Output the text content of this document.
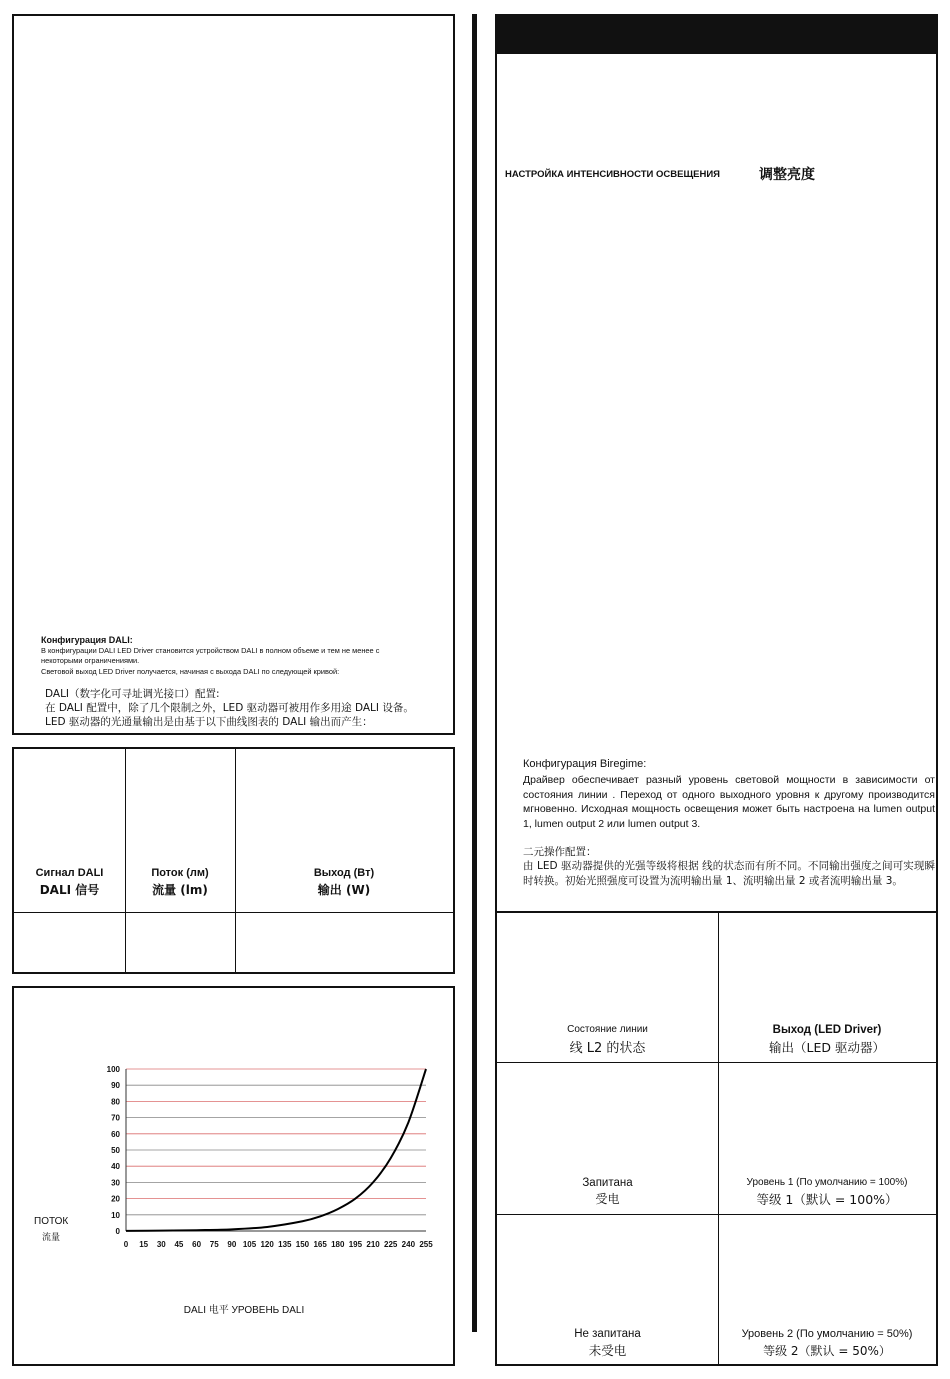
Конфигурация DALI:
В конфигурации DALI LED Driver становится устройством DALI в полном объеме и тем не менее с
некоторыми ограничениями.
Световой выход LED Driver получается, начиная с выхода DALI по следующей кривой:
DALI（数字化可寻址调光接口）配置:
在 DALI 配置中，除了几个限制之外，LED 驱动器可被用作多用途 DALI 设备。
LED 驱动器的光通量输出是由基于以下曲线图表的 DALI 输出而产生：
Сигнал DALI
DALI 信号
Поток (лм)
流量 (lm)
Выход (Вт)
输出 (W)
0
10
20
30
40
50
60
70
80
90
100
0 15 30 45 60 75 90 105 120 135 150 165 180 195 210 225 240 255
ПОТОК
流量
DALI 电平 УРОВЕНЬ DALI
НАСТРОЙКА ИНТЕНСИВНОСТИ ОСВЕЩЕНИЯ	调整亮度
Конфигурация Biregime:
Драйвер обеспечивает разный уровень световой мощности в зависимости от состояния линии . Переход от одного выходного уровня к другому производится мгновенно. Исходная мощность освещения может быть настроена на lumen output 1, lumen output 2 или lumen output 3.
二元操作配置：
由 LED 驱动器提供的光强等级将根据 线的状态而有所不同。不同输出强度之间可实现瞬时转换。初始光照强度可设置为流明输出量 1、流明输出量 2 或者流明输出量 3。
Состояние линии
线 L2 的状态
Выход (LED Driver)
输出（LED 驱动器）
Запитана
受电
Уровень 1 (По умолчанию = 100%)
等级 1（默认 = 100%）
Не запитана
未受电
Уровень 2 (По умолчанию = 50%)
等级 2（默认 = 50%）
